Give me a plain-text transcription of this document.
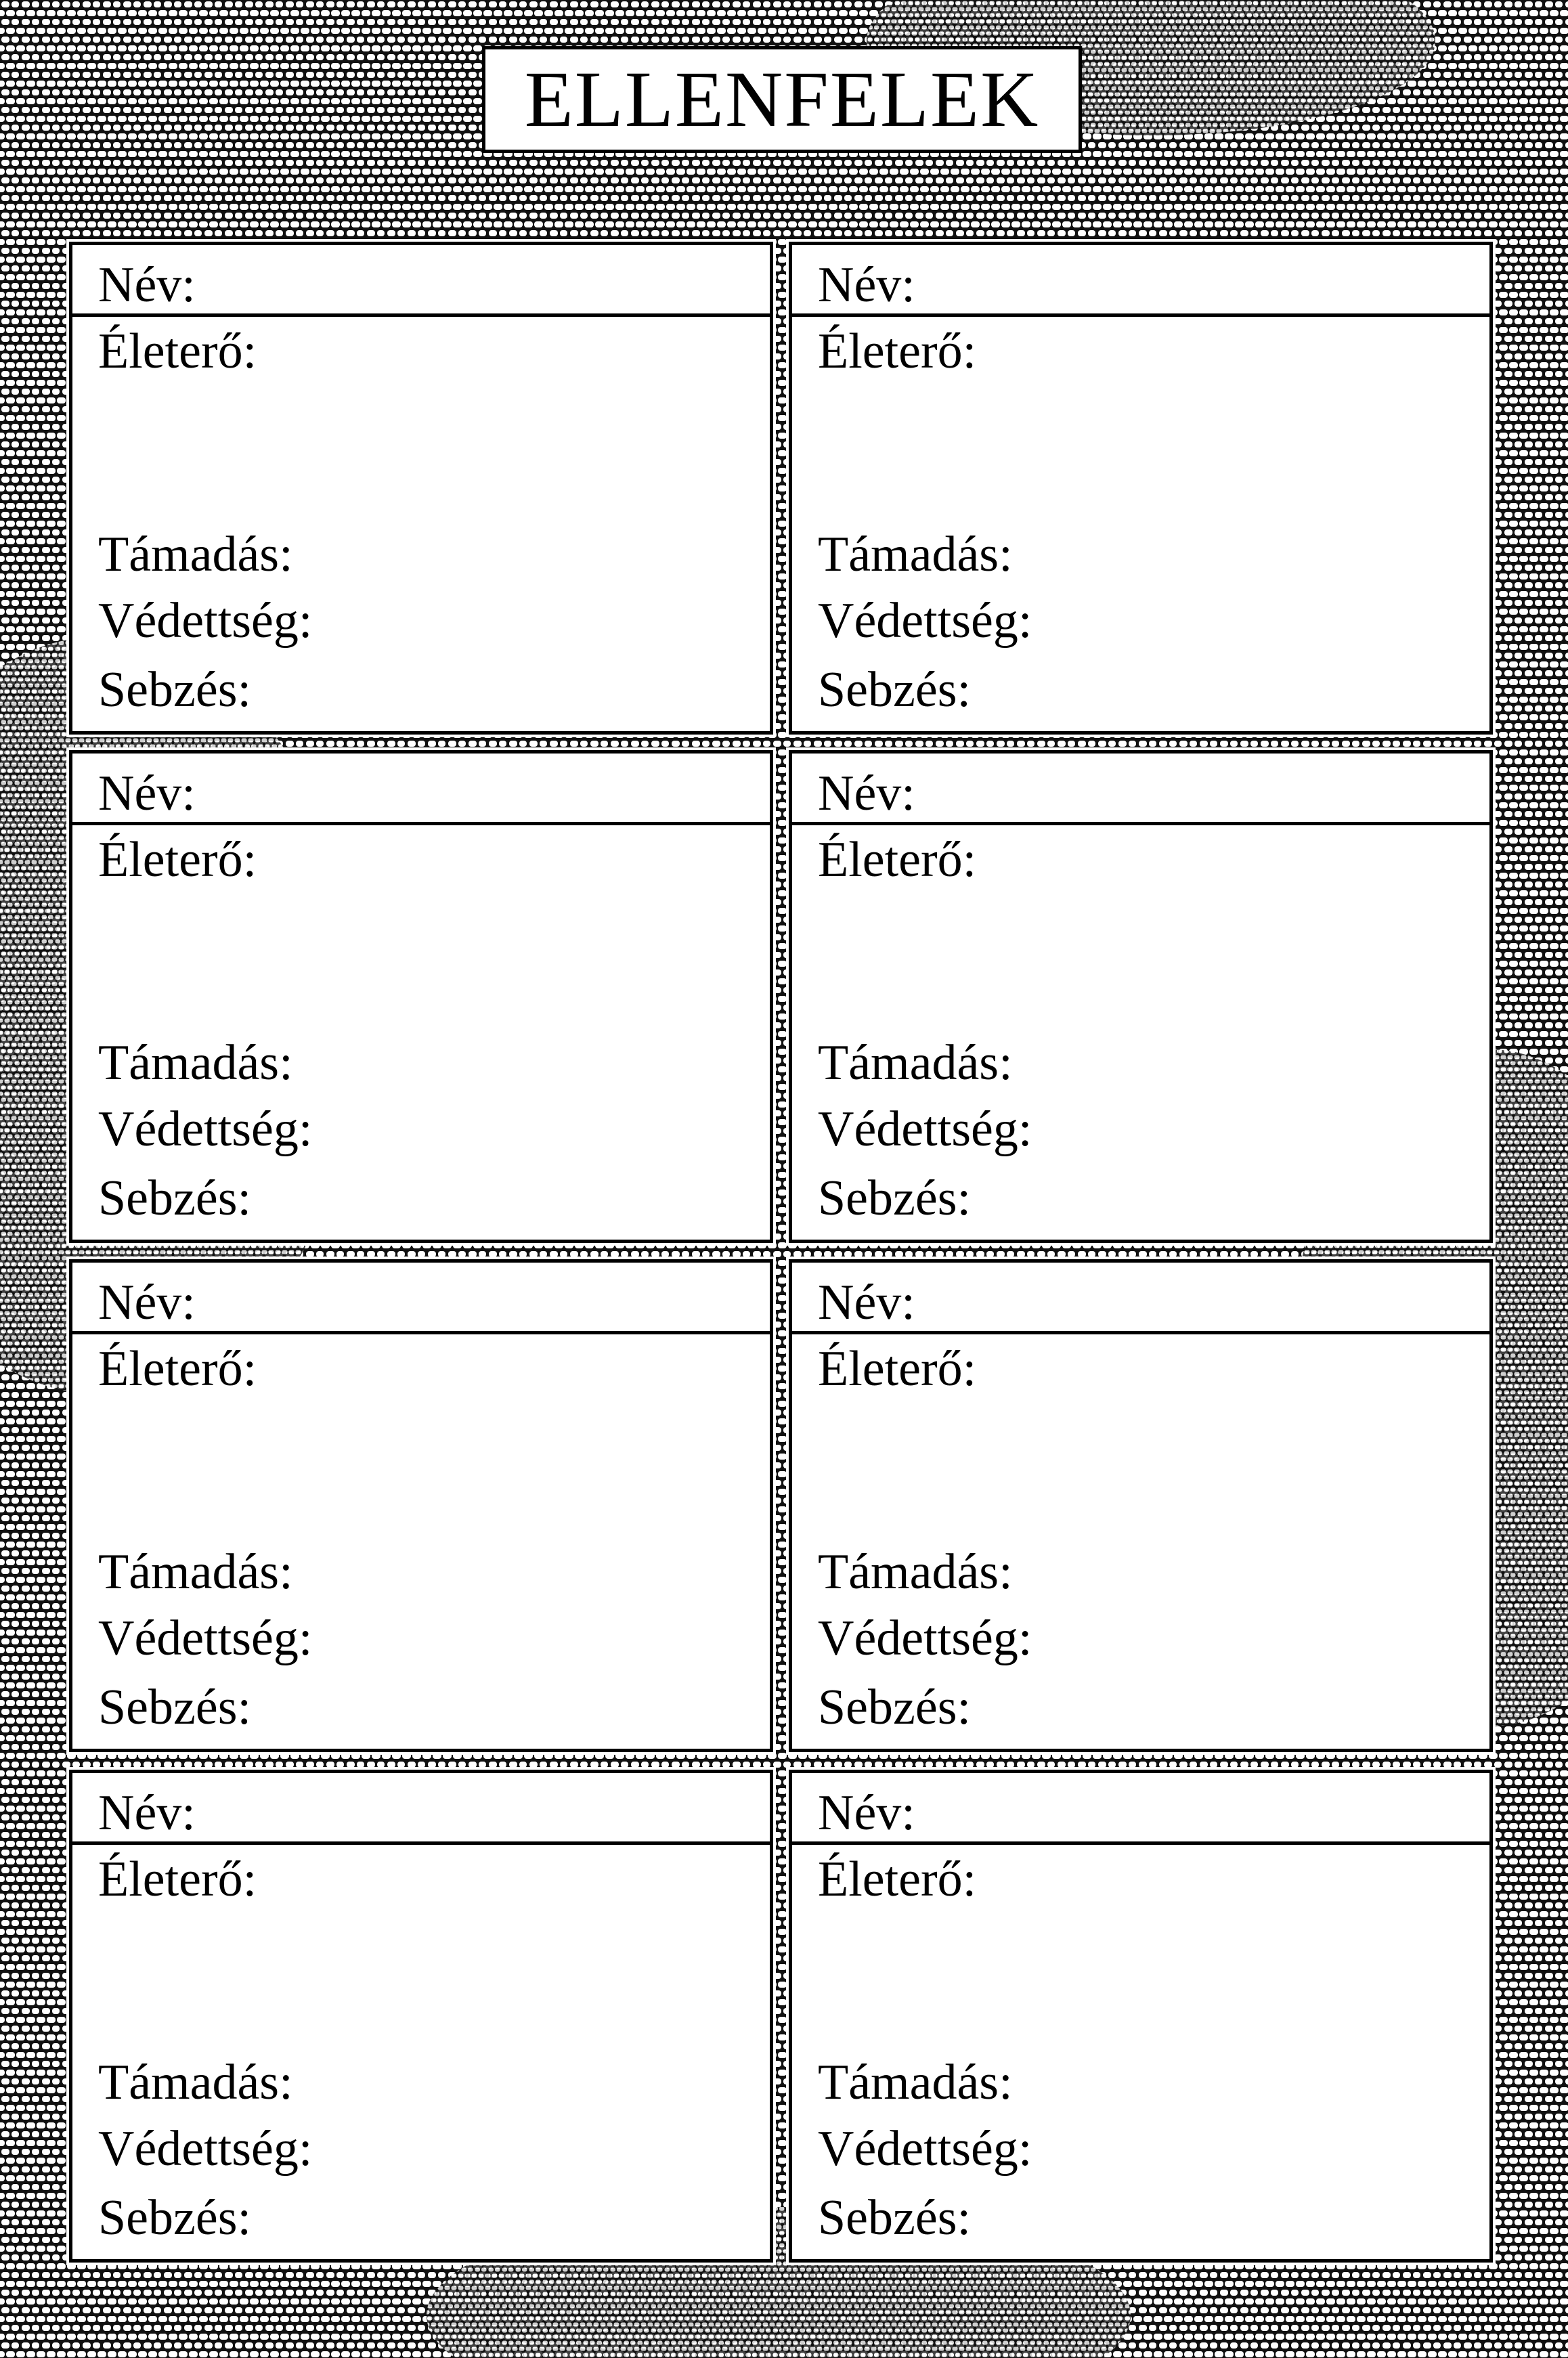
ELLENFELEK
Név:
Életerő:
Támadás:
Védettség:
Sebzés:
Név:
Életerő:
Támadás:
Védettség:
Sebzés:
Név:
Életerő:
Támadás:
Védettség:
Sebzés:
Név:
Életerő:
Támadás:
Védettség:
Sebzés:
Név:
Életerő:
Támadás:
Védettség:
Sebzés:
Név:
Életerő:
Támadás:
Védettség:
Sebzés:
Név:
Életerő:
Támadás:
Védettség:
Sebzés:
Név:
Életerő:
Támadás:
Védettség:
Sebzés:
